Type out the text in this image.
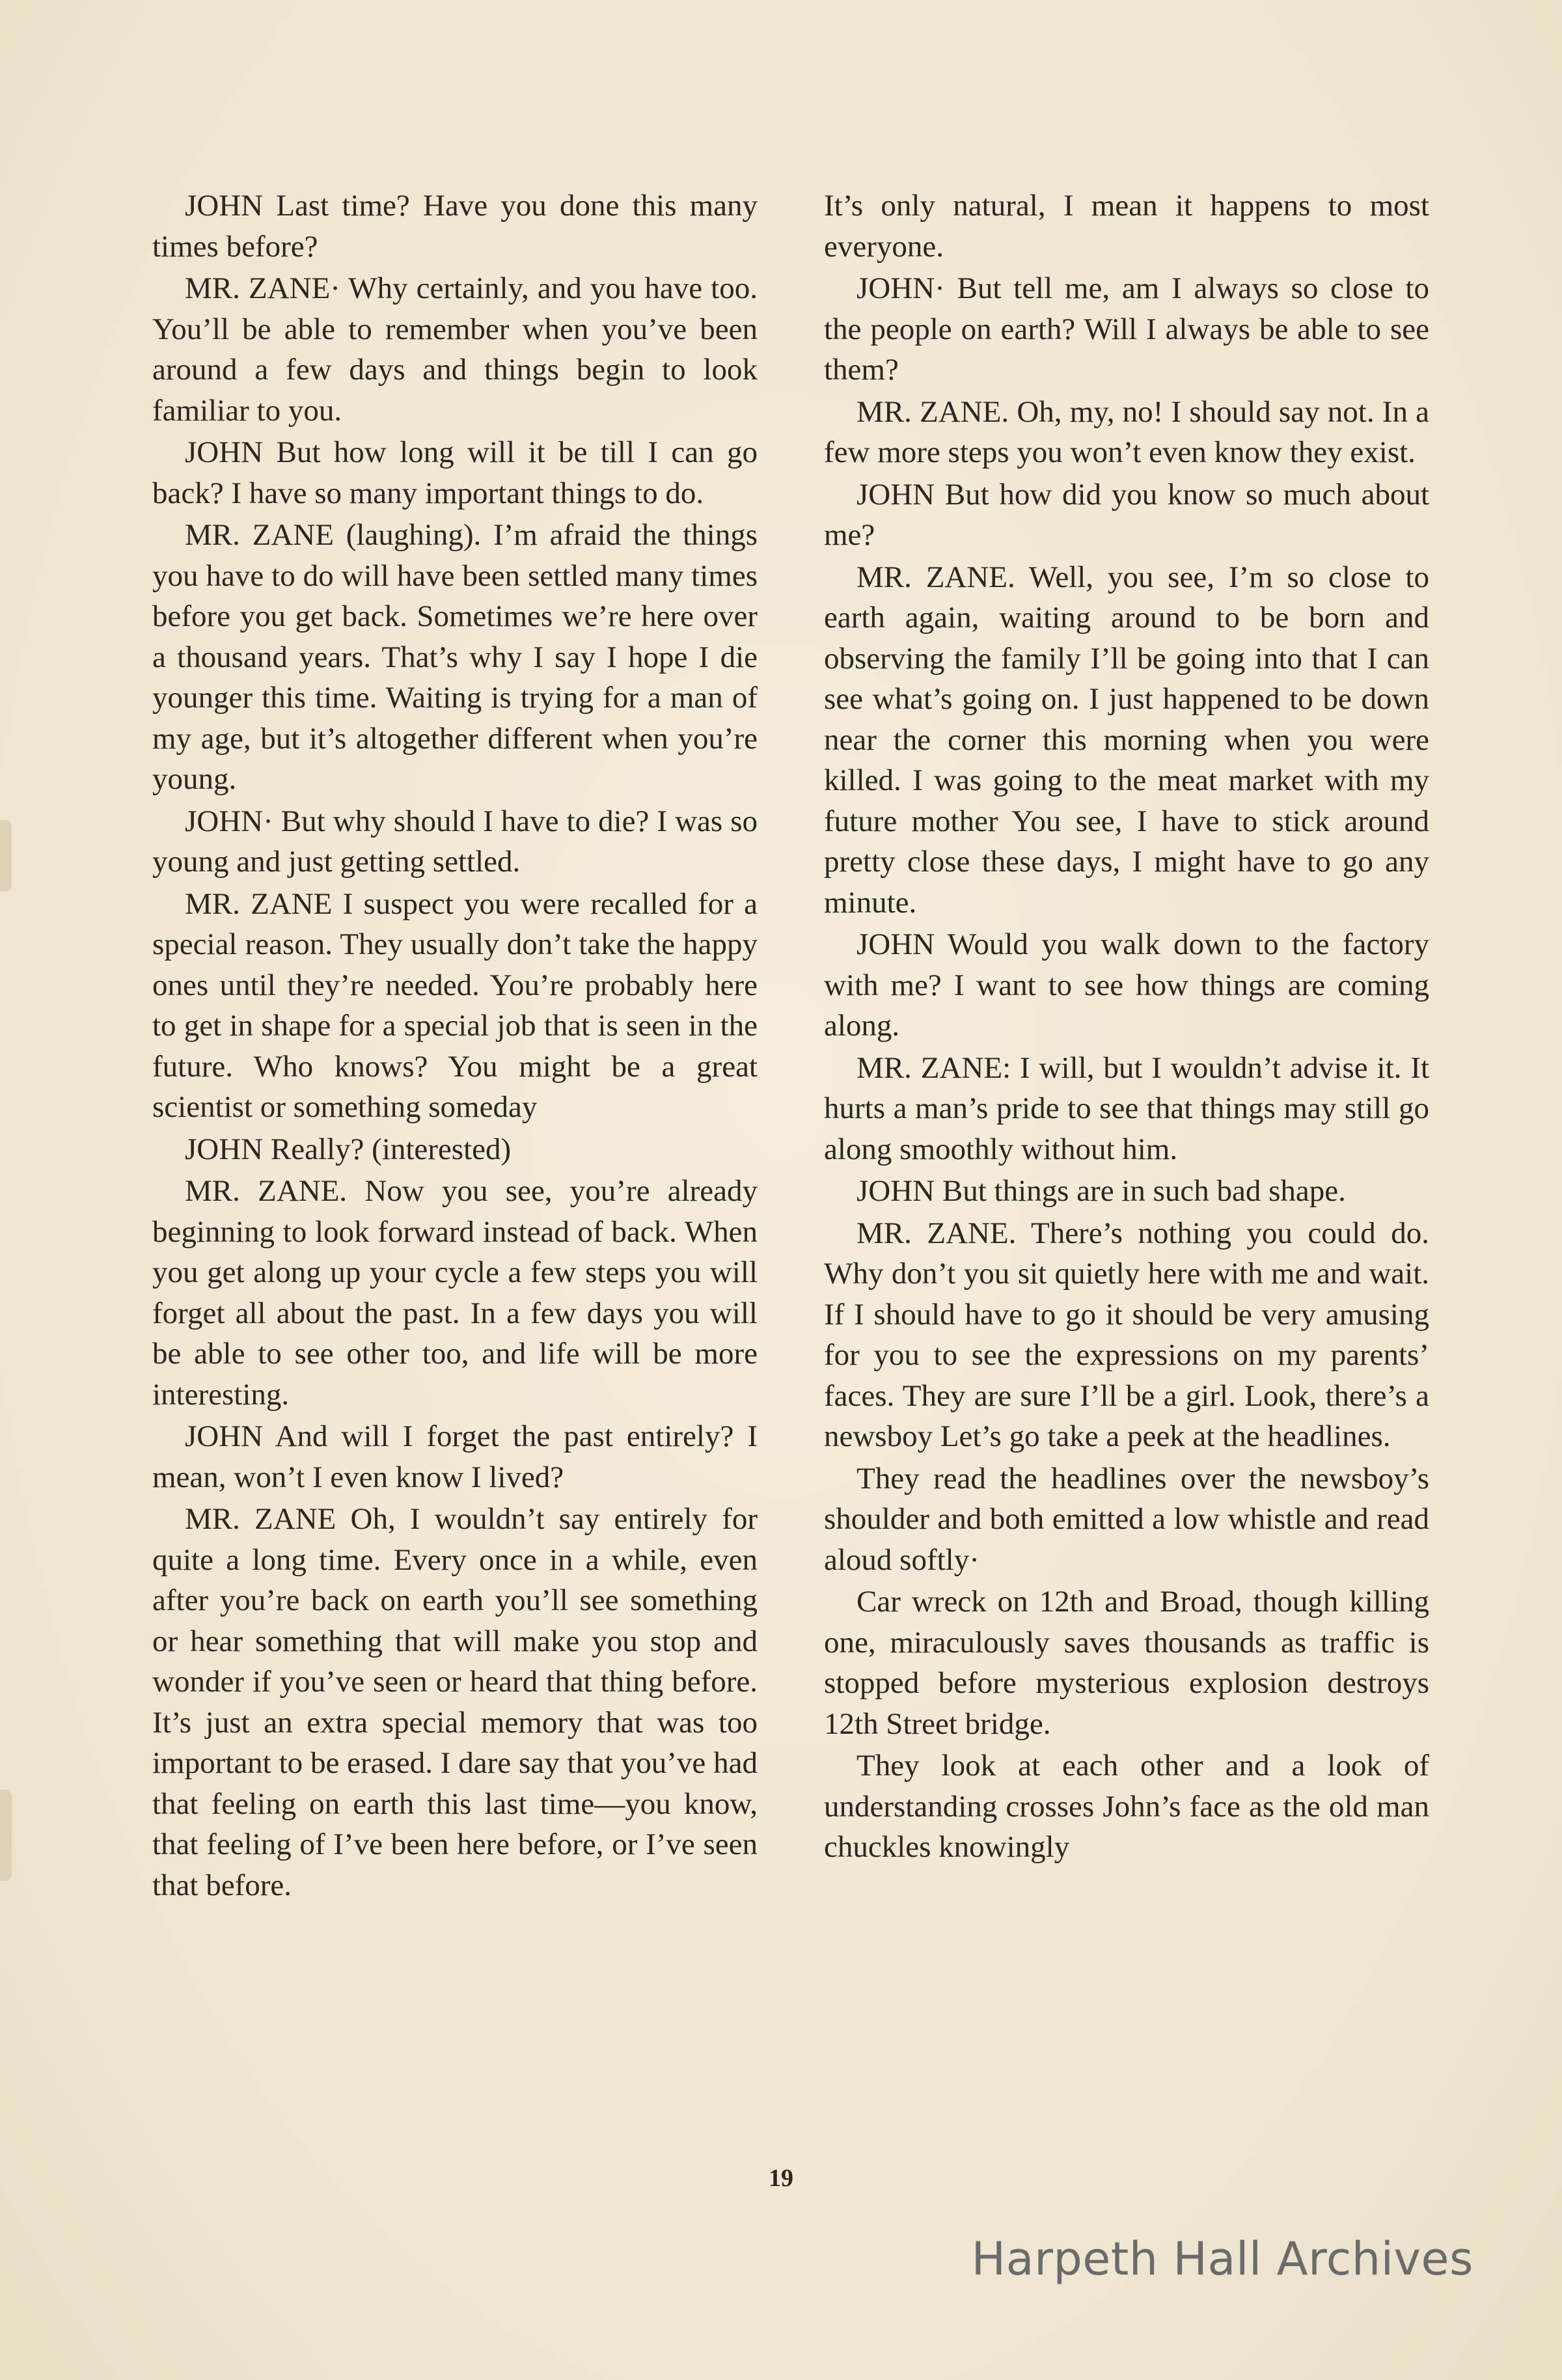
JOHN Last time? Have you done this many times before?

MR. ZANE· Why certainly, and you have too. You’ll be able to remember when you’ve been around a few days and things begin to look familiar to you.

JOHN But how long will it be till I can go back? I have so many important things to do.

MR. ZANE (laughing). I’m afraid the things you have to do will have been settled many times before you get back. Sometimes we’re here over a thousand years. That’s why I say I hope I die younger this time. Waiting is trying for a man of my age, but it’s altogether different when you’re young.

JOHN· But why should I have to die? I was so young and just getting settled.

MR. ZANE I suspect you were recalled for a special reason. They usually don’t take the happy ones until they’re needed. You’re probably here to get in shape for a special job that is seen in the future. Who knows? You might be a great scientist or something someday

JOHN Really? (interested)

MR. ZANE. Now you see, you’re already beginning to look forward instead of back. When you get along up your cycle a few steps you will forget all about the past. In a few days you will be able to see other too, and life will be more interesting.

JOHN And will I forget the past entirely? I mean, won’t I even know I lived?

MR. ZANE Oh, I wouldn’t say entirely for quite a long time. Every once in a while, even after you’re back on earth you’ll see something or hear something that will make you stop and wonder if you’ve seen or heard that thing before. It’s just an extra special memory that was too important to be erased. I dare say that you’ve had that feeling on earth this last time—you know, that feeling of I’ve been here before, or I’ve seen that before.

It’s only natural, I mean it happens to most everyone.

JOHN· But tell me, am I always so close to the people on earth? Will I always be able to see them?

MR. ZANE. Oh, my, no! I should say not. In a few more steps you won’t even know they exist.

JOHN But how did you know so much about me?

MR. ZANE. Well, you see, I’m so close to earth again, waiting around to be born and observing the family I’ll be going into that I can see what’s going on. I just happened to be down near the corner this morning when you were killed. I was going to the meat market with my future mother You see, I have to stick around pretty close these days, I might have to go any minute.

JOHN Would you walk down to the factory with me? I want to see how things are coming along.

MR. ZANE: I will, but I wouldn’t advise it. It hurts a man’s pride to see that things may still go along smoothly without him.

JOHN But things are in such bad shape.

MR. ZANE. There’s nothing you could do. Why don’t you sit quietly here with me and wait. If I should have to go it should be very amusing for you to see the expressions on my parents’ faces. They are sure I’ll be a girl. Look, there’s a newsboy Let’s go take a peek at the headlines.

They read the headlines over the newsboy’s shoulder and both emitted a low whistle and read aloud softly·

Car wreck on 12th and Broad, though killing one, miraculously saves thousands as traffic is stopped before mysterious explosion destroys 12th Street bridge.

They look at each other and a look of understanding crosses John’s face as the old man chuckles knowingly

19
Harpeth Hall Archives
